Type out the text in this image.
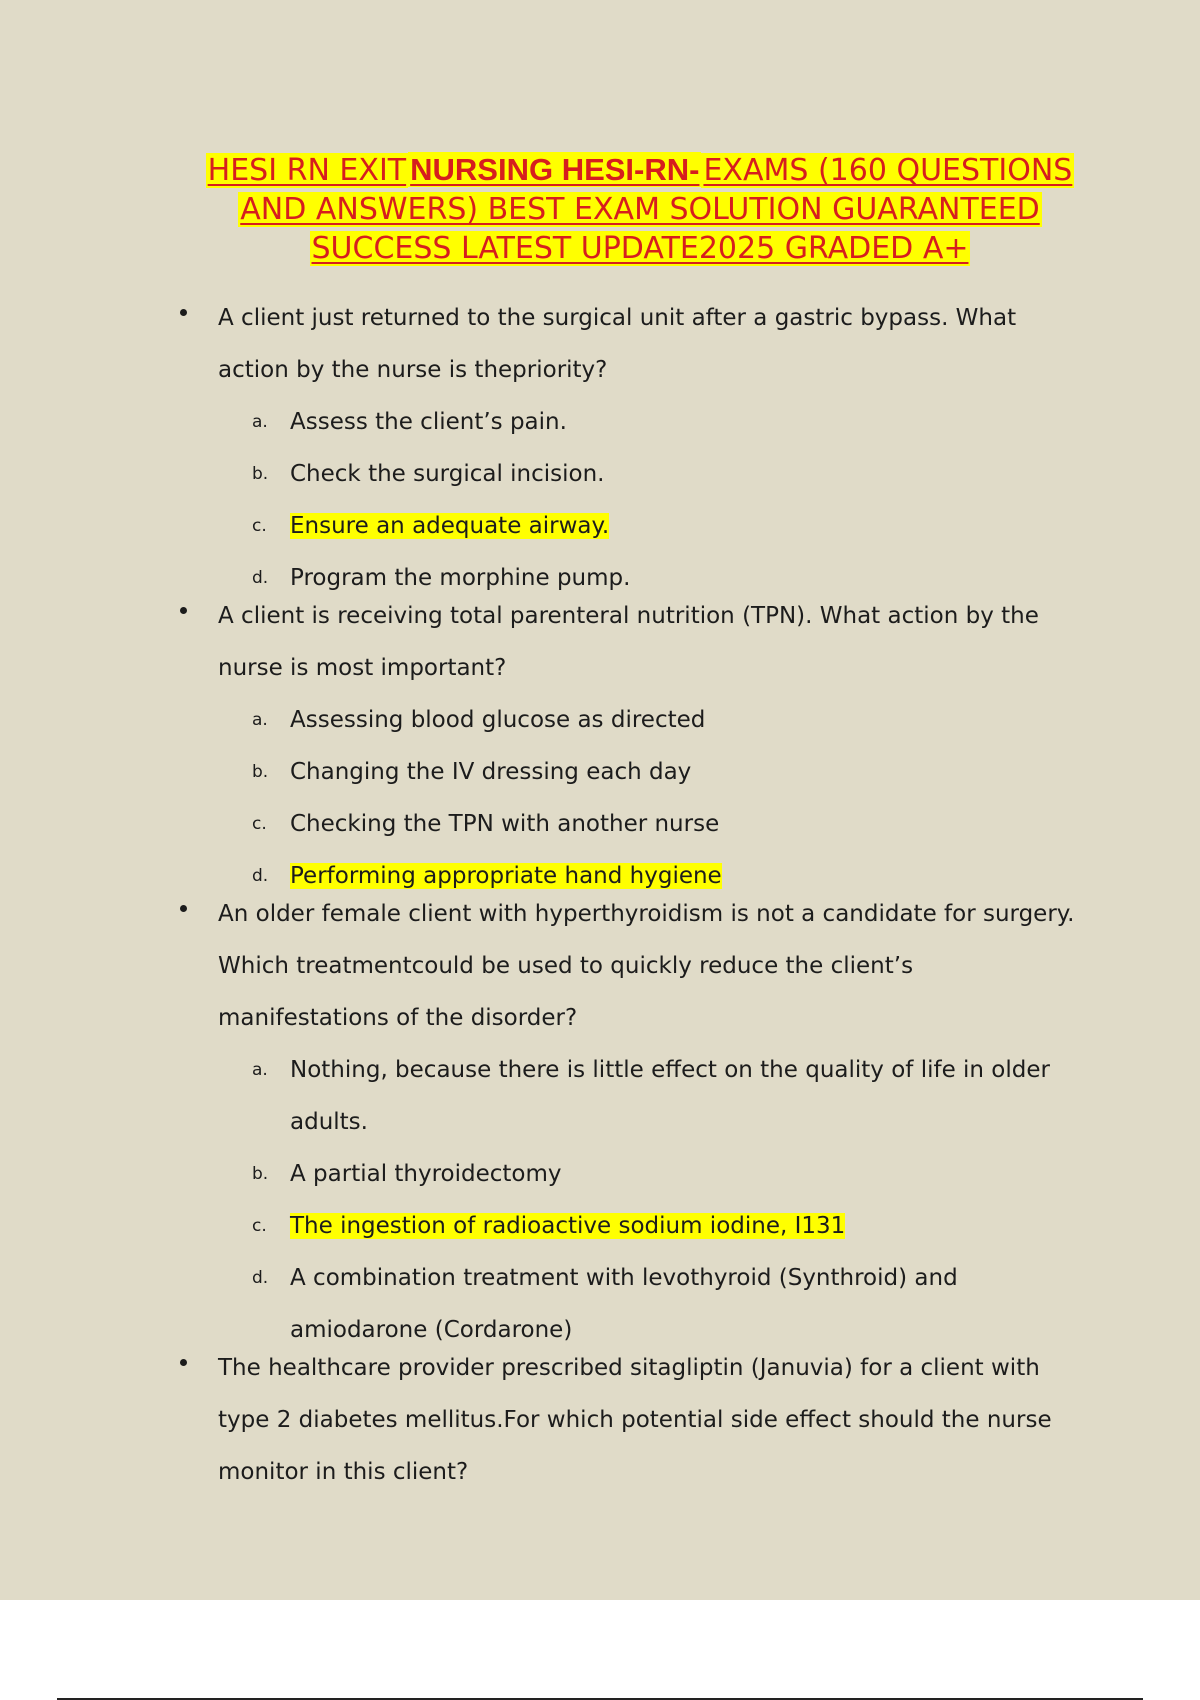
HESI RN EXIT NURSING HESI-RN- EXAMS (160 QUESTIONS AND ANSWERS) BEST EXAM SOLUTION GUARANTEED SUCCESS LATEST UPDATE2025 GRADED A+
A client just returned to the surgical unit after a gastric bypass. What action by the nurse is thepriority?
a. Assess the client’s pain.
b. Check the surgical incision.
c. Ensure an adequate airway.
d. Program the morphine pump.
A client is receiving total parenteral nutrition (TPN). What action by the nurse is most important?
a. Assessing blood glucose as directed
b. Changing the IV dressing each day
c. Checking the TPN with another nurse
d. Performing appropriate hand hygiene
An older female client with hyperthyroidism is not a candidate for surgery. Which treatmentcould be used to quickly reduce the client’s manifestations of the disorder?
a. Nothing, because there is little effect on the quality of life in older adults.
b. A partial thyroidectomy
c. The ingestion of radioactive sodium iodine, I131
d. A combination treatment with levothyroid (Synthroid) and amiodarone (Cordarone)
The healthcare provider prescribed sitagliptin (Januvia) for a client with type 2 diabetes mellitus.For which potential side effect should the nurse monitor in this client?
